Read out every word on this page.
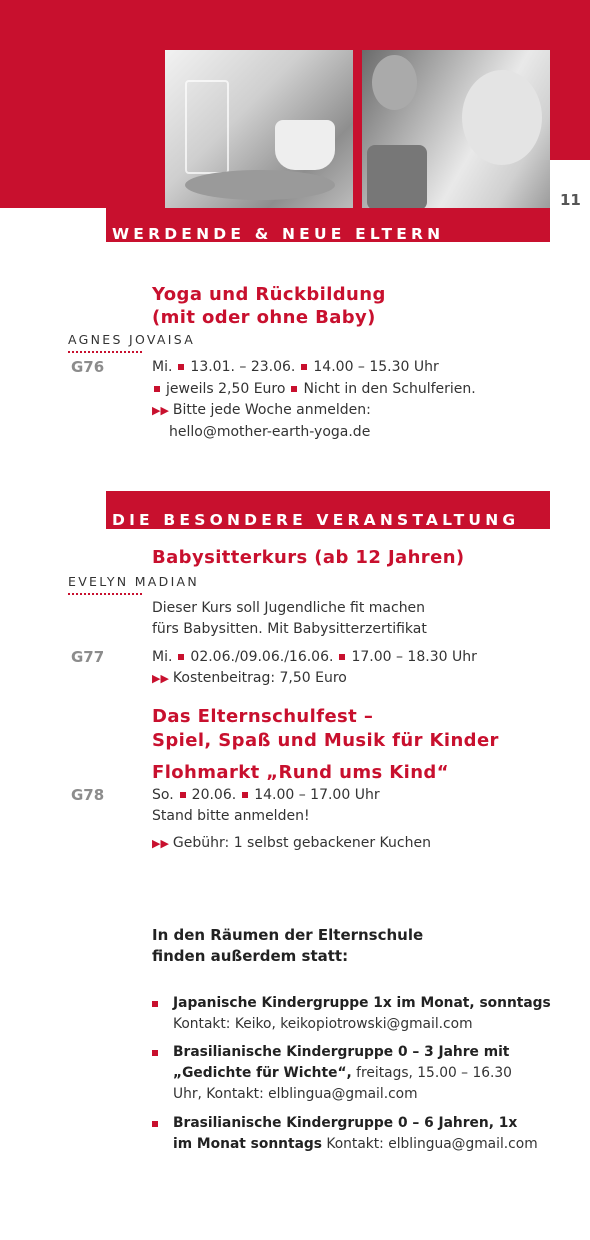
11
WERDENDE & NEUE ELTERN
Yoga und Rückbildung
(mit oder ohne Baby)
AGNES JOVAISA
G76	Mi. 13.01. – 23.06. 14.00 – 15.30 Uhr
jeweils 2,50 Euro Nicht in den Schulferien.
▶▶ Bitte jede Woche anmelden:
hello@mother-earth-yoga.de
DIE BESONDERE VERANSTALTUNG
Babysitterkurs (ab 12 Jahren)
EVELYN MADIAN
Dieser Kurs soll Jugendliche fit machen
fürs Babysitten. Mit Babysitterzertifikat
G77	Mi. 02.06./09.06./16.06. 17.00 – 18.30 Uhr
▶▶ Kostenbeitrag: 7,50 Euro
Das Elternschulfest –
Spiel, Spaß und Musik für Kinder
Flohmarkt „Rund ums Kind“
G78	So. 20.06. 14.00 – 17.00 Uhr
Stand bitte anmelden!
▶▶ Gebühr: 1 selbst gebackener Kuchen
In den Räumen der Elternschule
finden außerdem statt:
Japanische Kindergruppe 1x im Monat, sonntags
Kontakt: Keiko, keikopiotrowski@gmail.com
Brasilianische Kindergruppe 0 – 3 Jahre mit
„Gedichte für Wichte“, freitags, 15.00 – 16.30
Uhr, Kontakt: elblingua@gmail.com
Brasilianische Kindergruppe 0 – 6 Jahren, 1x
im Monat sonntags Kontakt: elblingua@gmail.com
